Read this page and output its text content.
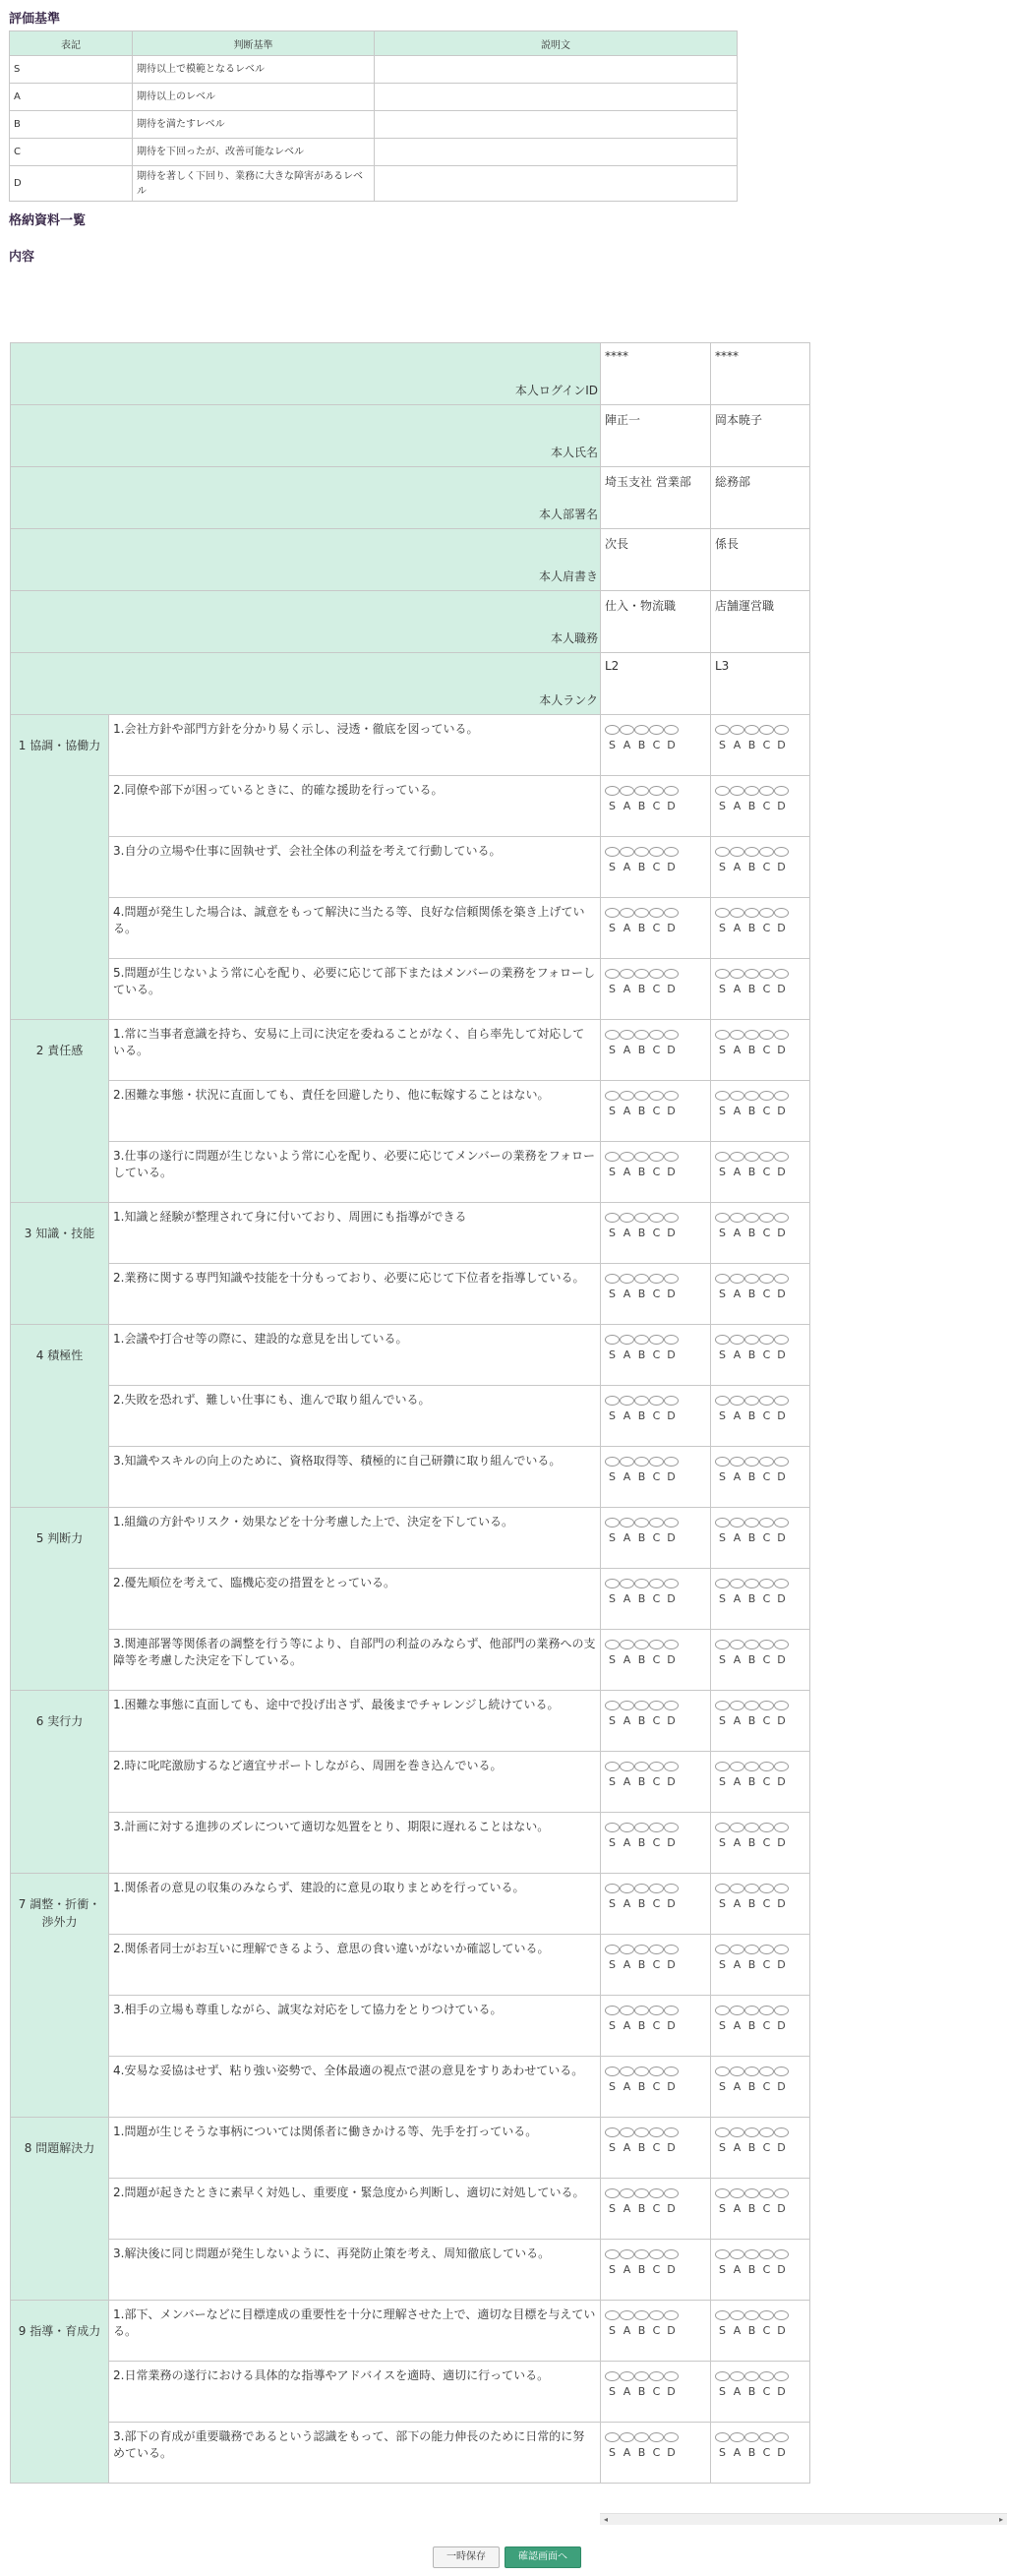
評価基準
表記	判断基準	説明文
S	期待以上で模範となるレベル	
A	期待以上のレベル	
B	期待を満たすレベル	
C	期待を下回ったが、改善可能なレベル	
D	期待を著しく下回り、業務に大きな障害があるレベル	
格納資料一覧
内容
本人ログインID		****	****
本人氏名		陣正一	岡本暁子
本人部署名		埼玉支社 営業部	総務部
本人肩書き		次長	係長
本人職務		仕入・物流職	店舗運営職
本人ランク		L2	L3
1 協調・協働力	1.会社方針や部門方針を分かり易く示し、浸透・徹底を図っている。	S A B C D	S A B C D

	2.同僚や部下が困っているときに、的確な援助を行っている。	S A B C D	S A B C D

	3.自分の立場や仕事に固執せず、会社全体の利益を考えて行動している。	S A B C D	S A B C D

	4.問題が発生した場合は、誠意をもって解決に当たる等、良好な信頼関係を築き上げている。	S A B C D	S A B C D

	5.問題が生じないよう常に心を配り、必要に応じて部下またはメンバーの業務をフォローしている。	S A B C D	S A B C D

2 責任感	1.常に当事者意識を持ち、安易に上司に決定を委ねることがなく、自ら率先して対応している。	S A B C D	S A B C D

	2.困難な事態・状況に直面しても、責任を回避したり、他に転嫁することはない。	S A B C D	S A B C D

	3.仕事の遂行に問題が生じないよう常に心を配り、必要に応じてメンバーの業務をフォローしている。	S A B C D	S A B C D

3 知識・技能	1.知識と経験が整理されて身に付いており、周囲にも指導ができる	S A B C D	S A B C D

	2.業務に関する専門知識や技能を十分もっており、必要に応じて下位者を指導している。	S A B C D	S A B C D

4 積極性	1.会議や打合せ等の際に、建設的な意見を出している。	S A B C D	S A B C D

	2.失敗を恐れず、難しい仕事にも、進んで取り組んでいる。	S A B C D	S A B C D

	3.知識やスキルの向上のために、資格取得等、積極的に自己研鑽に取り組んでいる。	S A B C D	S A B C D

5 判断力	1.組織の方針やリスク・効果などを十分考慮した上で、決定を下している。	S A B C D	S A B C D

	2.優先順位を考えて、臨機応変の措置をとっている。	S A B C D	S A B C D

	3.関連部署等関係者の調整を行う等により、自部門の利益のみならず、他部門の業務への支障等を考慮した決定を下している。	S A B C D	S A B C D

6 実行力	1.困難な事態に直面しても、途中で投げ出さず、最後までチャレンジし続けている。	S A B C D	S A B C D

	2.時に叱咤激励するなど適宜サポートしながら、周囲を巻き込んでいる。	S A B C D	S A B C D

	3.計画に対する進捗のズレについて適切な処置をとり、期限に遅れることはない。	S A B C D	S A B C D

7 調整・折衝・渉外力	1.関係者の意見の収集のみならず、建設的に意見の取りまとめを行っている。	S A B C D	S A B C D

	2.関係者同士がお互いに理解できるよう、意思の食い違いがないか確認している。	S A B C D	S A B C D

	3.相手の立場も尊重しながら、誠実な対応をして協力をとりつけている。	S A B C D	S A B C D

	4.安易な妥協はせず、粘り強い姿勢で、全体最適の視点で湛の意見をすりあわせている。	S A B C D	S A B C D

8 問題解決力	1.問題が生じそうな事柄については関係者に働きかける等、先手を打っている。	S A B C D	S A B C D

	2.問題が起きたときに素早く対処し、重要度・緊急度から判断し、適切に対処している。	S A B C D	S A B C D

	3.解決後に同じ問題が発生しないように、再発防止策を考え、周知徹底している。	S A B C D	S A B C D

9 指導・育成力	1.部下、メンバーなどに目標達成の重要性を十分に理解させた上で、適切な目標を与えている。	S A B C D	S A B C D

	2.日常業務の遂行における具体的な指導やアドバイスを適時、適切に行っている。	S A B C D	S A B C D

	3.部下の育成が重要職務であるという認識をもって、部下の能力伸長のために日常的に努めている。	S A B C D	S A B C D
◂	▸
一時保存	確認画面へ
